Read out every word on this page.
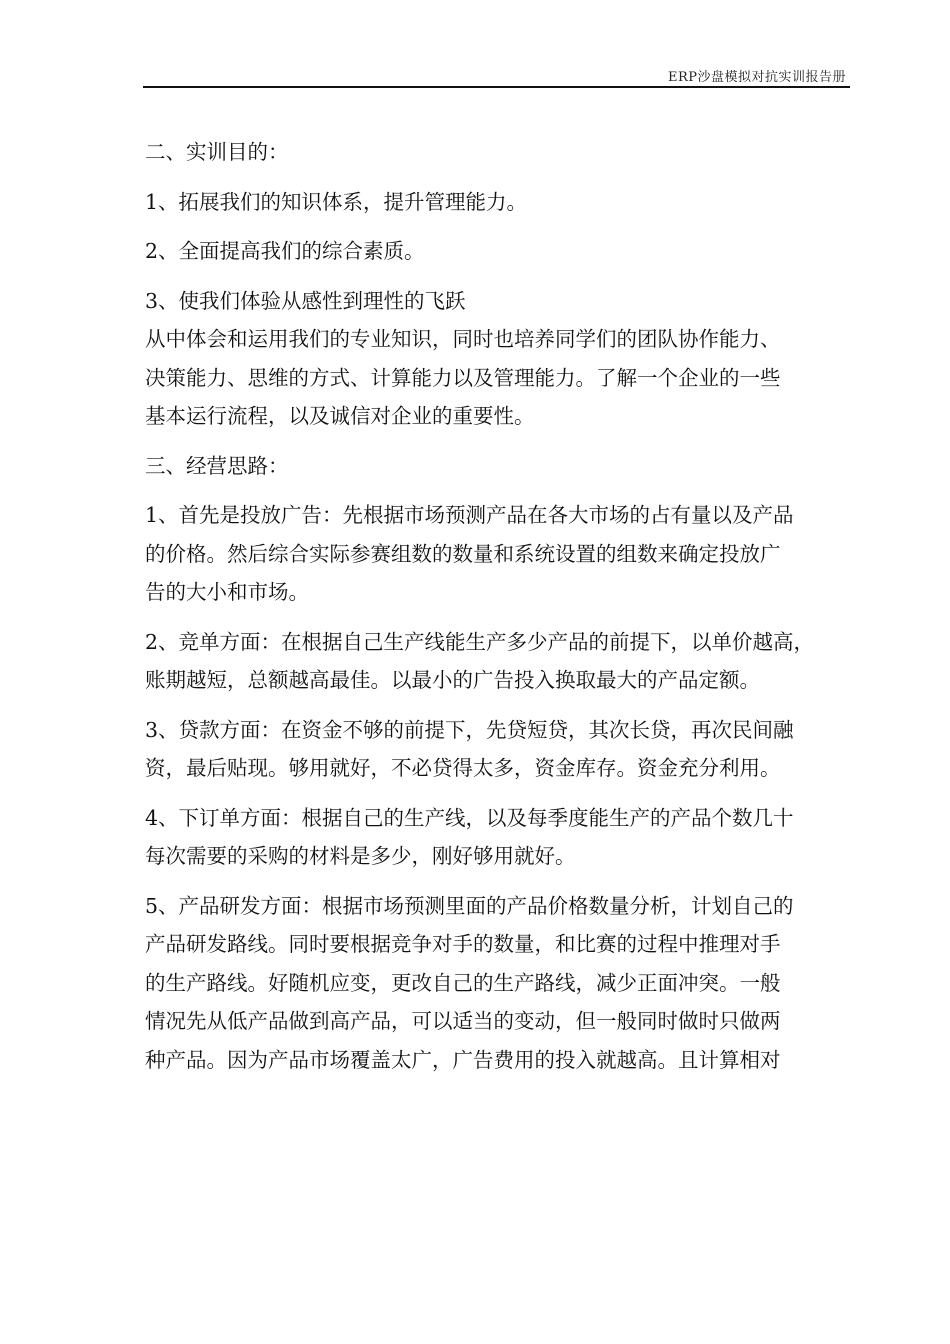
ERP沙盘模拟对抗实训报告册

二、实训目的：

1、拓展我们的知识体系，提升管理能力。

2、全面提高我们的综合素质。

3、使我们体验从感性到理性的飞跃
从中体会和运用我们的专业知识，同时也培养同学们的团队协作能力、
决策能力、思维的方式、计算能力以及管理能力。了解一个企业的一些
基本运行流程，以及诚信对企业的重要性。

三、经营思路：

1、首先是投放广告：先根据市场预测产品在各大市场的占有量以及产品
的价格。然后综合实际参赛组数的数量和系统设置的组数来确定投放广
告的大小和市场。

2、竞单方面：在根据自己生产线能生产多少产品的前提下，以单价越高，
账期越短，总额越高最佳。以最小的广告投入换取最大的产品定额。

3、贷款方面：在资金不够的前提下，先贷短贷，其次长贷，再次民间融
资，最后贴现。够用就好，不必贷得太多，资金库存。资金充分利用。

4、下订单方面：根据自己的生产线，以及每季度能生产的产品个数几十
每次需要的采购的材料是多少，刚好够用就好。

5、产品研发方面：根据市场预测里面的产品价格数量分析，计划自己的
产品研发路线。同时要根据竞争对手的数量，和比赛的过程中推理对手
的生产路线。好随机应变，更改自己的生产路线，减少正面冲突。一般
情况先从低产品做到高产品，可以适当的变动，但一般同时做时只做两
种产品。因为产品市场覆盖太广，广告费用的投入就越高。且计算相对
